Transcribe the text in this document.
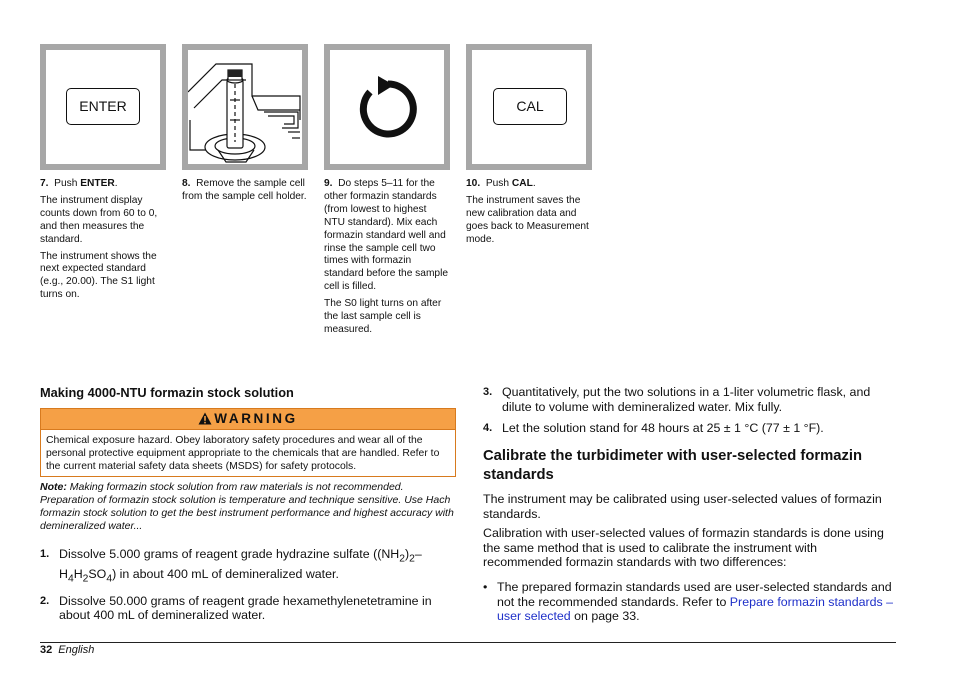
ENTER	CAL

7. Push ENTER.

The instrument display counts down from 60 to 0, and then measures the standard.

The instrument shows the next expected standard (e.g., 20.00). The S1 light turns on.

8. Remove the sample cell from the sample cell holder.

9. Do steps 5–11 for the other formazin standards (from lowest to highest NTU standard). Mix each formazin standard well and rinse the sample cell two times with formazin standard before the sample cell is filled.

The S0 light turns on after the last sample cell is measured.

10. Push CAL.

The instrument saves the new calibration data and goes back to Measurement mode.

Making 4000-NTU formazin stock solution
WARNING
Chemical exposure hazard. Obey laboratory safety procedures and wear all of the personal protective equipment appropriate to the chemicals that are handled. Refer to the current material safety data sheets (MSDS) for safety protocols.
Note: Making formazin stock solution from raw materials is not recommended. Preparation of formazin stock solution is temperature and technique sensitive. Use Hach formazin stock solution to get the best instrument performance and highest accuracy with demineralized water...
1. Dissolve 5.000 grams of reagent grade hydrazine sulfate ($(NH_2)_2-$
$H_4H_2SO_4$) in about 400 mL of demineralized water.
2. Dissolve 50.000 grams of reagent grade hexamethylenetetramine in about 400 mL of demineralized water.
3. Quantitatively, put the two solutions in a 1-liter volumetric flask, and dilute to volume with demineralized water. Mix fully.
4. Let the solution stand for 48 hours at 25 ± 1 °C (77 ± 1 °F).
Calibrate the turbidimeter with user-selected formazin standards

The instrument may be calibrated using user-selected values of formazin standards.

Calibration with user-selected values of formazin standards is done using the same method that is used to calibrate the instrument with recommended formazin standards with two differences:

• The prepared formazin standards used are user-selected standards and not the recommended standards. Refer to Prepare formazin standards – user selected on page 33.
32 English
